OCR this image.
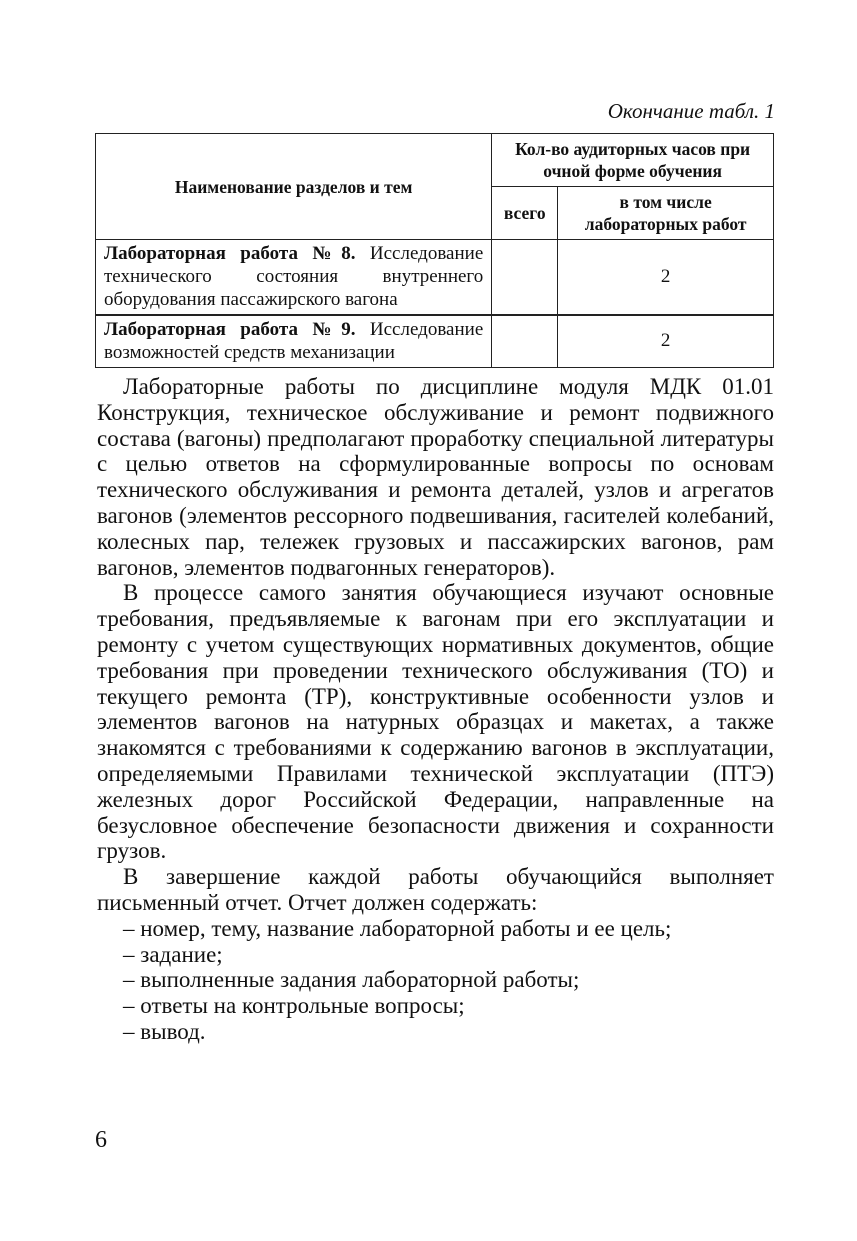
Окончание табл. 1
Наименование разделов и тем	Кол-во аудиторных часов при очной форме обучения	
	всего	в том числе лабораторных работ
Лабораторная работа №8. Исследование технического состояния внутреннего оборудования пассажирского вагона		2
Лабораторная работа №9. Исследование возможностей средств механизации		2

Лабораторные работы по дисциплине модуля МДК 01.01 Конструкция, техническое обслуживание и ремонт подвижного состава (вагоны) предполагают проработку специальной литературы с целью ответов на сформулированные вопросы по основам технического обслуживания и ремонта деталей, узлов и агрегатов вагонов (элементов рессорного подвешивания, гасителей колебаний, колесных пар, тележек грузовых и пассажирских вагонов, рам вагонов, элементов подвагонных генераторов).

В процессе самого занятия обучающиеся изучают основные требования, предъявляемые к вагонам при его эксплуатации и ремонту с учетом существующих нормативных документов, общие требования при проведении технического обслуживания (ТО) и текущего ремонта (ТР), конструктивные особенности узлов и элементов вагонов на натурных образцах и макетах, а также знакомятся с требованиями к содержанию вагонов в эксплуатации, определяемыми Правилами технической эксплуатации (ПТЭ) железных дорог Российской Федерации, направленные на безусловное обеспечение безопасности движения и сохранности грузов.

В завершение каждой работы обучающийся выполняет письменный отчет. Отчет должен содержать:

– номер, тему, название лабораторной работы и ее цель;
– задание;
– выполненные задания лабораторной работы;
– ответы на контрольные вопросы;
– вывод.
6
